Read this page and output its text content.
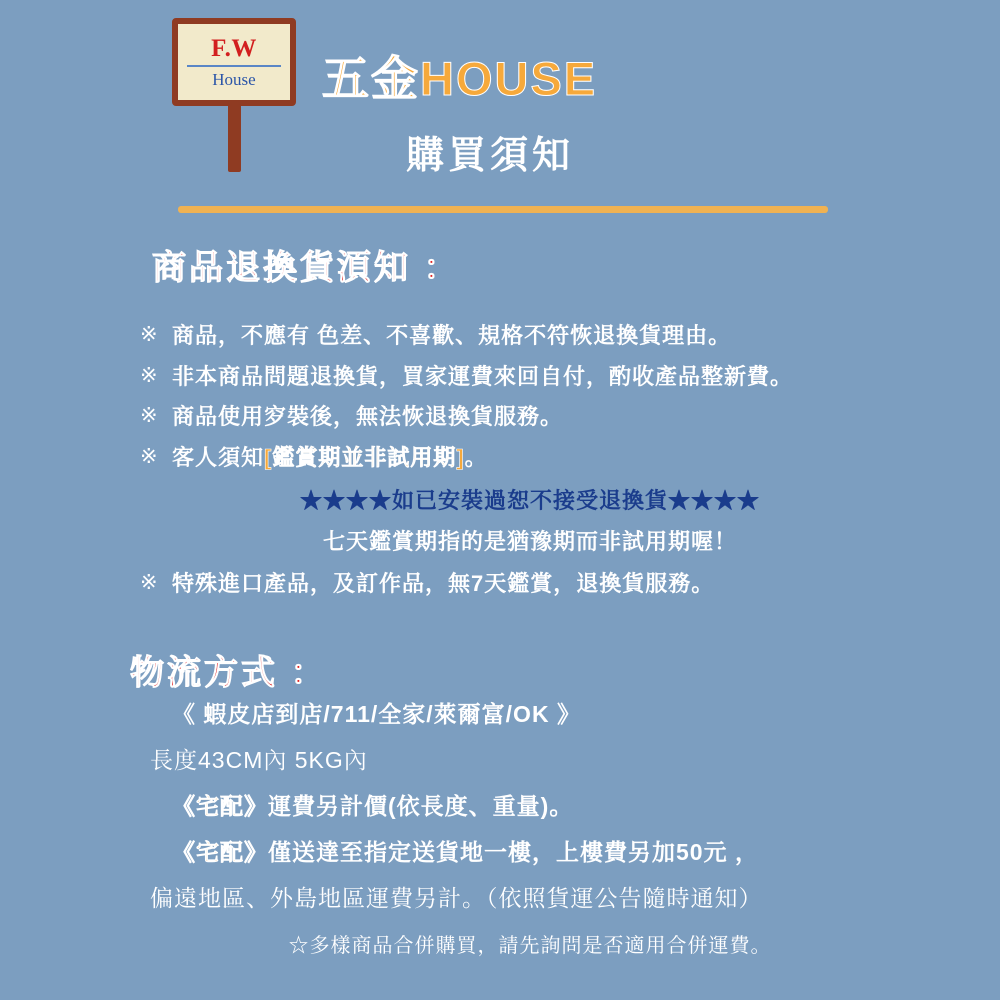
F.W
House 五金HOUSE
購買須知
商品退換貨湏知 ：
※ 商品，不應有 色差、不喜歡、規格不符恢退換貨理由。
※ 非本商品問題退換貨，買家運費來回自付，酌收產品整新費。
※ 商品使用穸裝後，無法恢退換貨服務。
※ 客人須知[鑑賞期並非試用期]。
★★★★如已安裝過恕不接受退換貨★★★★
七天鑑賞期指的是猶豫期而非試用期喔！
※ 特殊進口產品，及訂作品，無7天鑑賞，退換貨服務。
物流方式 ：
《 蝦皮店到店/711/全家/萊爾富/OK 》
長度43CM內 5KG內
《宅配》運費另計價(依長度、重量)。
《宅配》僅送達至指定送貨地一樓，上樓費另加50元 ，
偏遠地區、外島地區運費另計。（依照貨運公告隨時通知）
☆多樣商品合併購買，請先詢問是否適用合併運費。
